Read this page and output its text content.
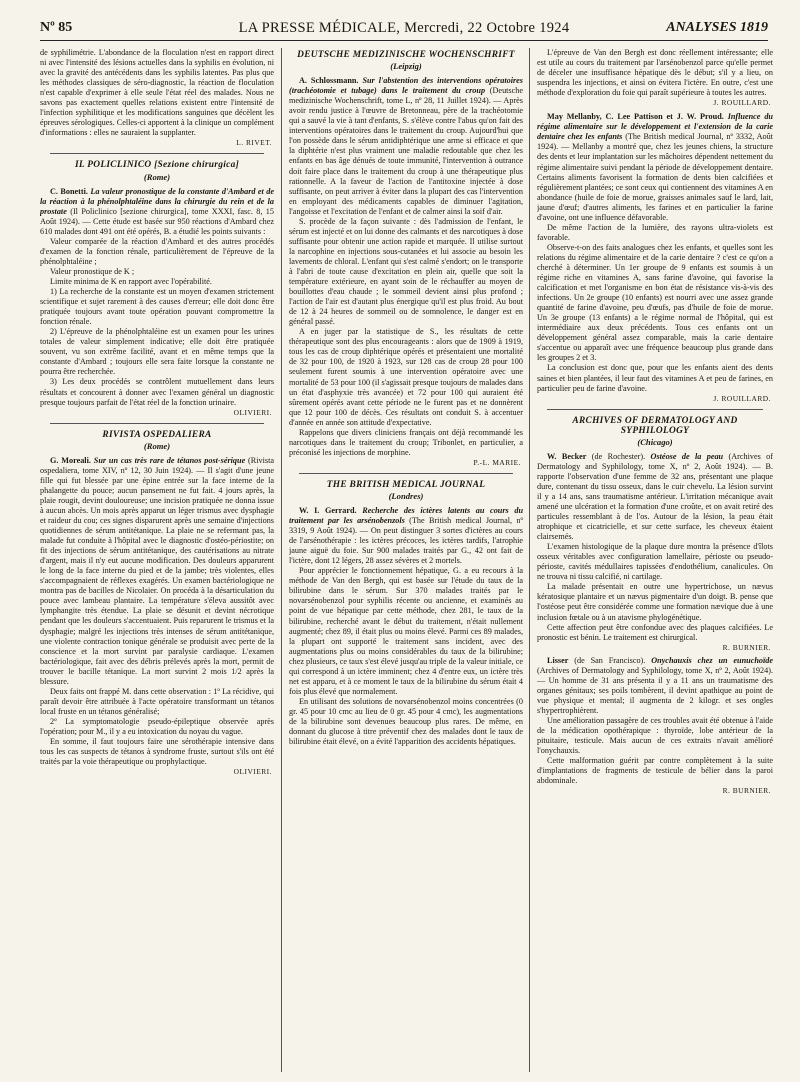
LA PRESSE MÉDICALE, Mercredi, 22 Octobre 1924
Nº 85	ANALYSES 1819

de syphilimétrie. L'abondance de la floculation n'est en rapport direct ni avec l'intensité des lésions actuelles dans la syphilis en évolution, ni avec la gravité des antécédents dans les syphilis latentes. Pas plus que les méthodes classiques de séro-diagnostic, la réaction de floculation n'est capable d'exprimer à elle seule l'état réel des malades. Nous ne savons pas exactement quelles relations existent entre l'intensité de l'infection syphilitique et les modifications sanguines que décèlent les épreuves sérologiques. Celles-ci apportent à la clinique un complément d'informations : elles ne sauraient la supplanter.

L. RIVET.

IL POLICLINICO [Sezione chirurgica]
(Rome)

C. Bonetti. La valeur pronostique de la constante d'Ambard et de la réaction à la phénolphtaléine dans la chirurgie du rein et de la prostate (Il Policlinico [sezione chirurgica], tome XXXI, fasc. 8, 15 Août 1924). — Cette étude est basée sur 950 réactions d'Ambard chez 610 malades dont 491 ont été opérés, B. a étudié les points suivants :

Valeur comparée de la réaction d'Ambard et des autres procédés d'examen de la fonction rénale, particulièrement de l'épreuve de la phénolphtaléine ;

Valeur pronostique de K ;

Limite minima de K en rapport avec l'opérabilité.

1) La recherche de la constante est un moyen d'examen strictement scientifique et sujet rarement à des causes d'erreur; elle doit donc être pratiquée toujours avant toute opération pouvant compromettre la fonction rénale.

2) L'épreuve de la phénolphtaléine est un examen pour les urines totales de valeur simplement indicative; elle doit être pratiquée souvent, vu son extrême facilité, avant et en même temps que la constante d'Ambard ; toujours elle sera faite lorsque la constante ne pourra être recherchée.

3) Les deux procédés se contrôlent mutuellement dans leurs résultats et concourent à donner avec l'examen général un diagnostic presque toujours parfait de l'état réel de la fonction urinaire.

OLIVIERI.

RIVISTA OSPEDALIERA
(Rome)

G. Moreali. Sur un cas très rare de tétanos post-sérique (Rivista ospedaliera, tome XIV, nº 12, 30 Juin 1924). — Il s'agit d'une jeune fille qui fut blessée par une épine entrée sur la face interne de la phalangette du pouce; aucun pansement ne fut fait. 4 jours après, la plaie rougit, devint douloureuse; une incision pratiquée ne donna issue à aucun abcès. Un mois après apparut un léger trismus avec dysphagie et raideur du cou; ces signes disparurent après une semaine d'injections quotidiennes de sérum antitétanique. La plaie ne se refermant pas, la malade fut conduite à l'hôpital avec le diagnostic d'ostéo-périostite; on fit des injections de sérum antitétanique, des cautérisations au nitrate d'argent, mais il n'y eut aucune modification. Des douleurs apparurent le long de la face interne du pied et de la jambe; très violentes, elles s'accompagnaient de réflexes exagérés. Un examen bactériologique ne montra pas de bacilles de Nicolaier. On procéda à la désarticulation du pouce avec lambeau plantaire. La température s'éleva aussitôt avec lymphangite très étendue. La plaie se désunit et devint nécrotique pendant que les douleurs s'accentuaient. Puis reparurent le trismus et la dysphagie; malgré les injections très intenses de sérum antitétanique, une violente contraction tonique générale se produisit avec perte de la conscience et la mort survint par paralysie cardiaque. L'examen bactériologique, fait avec des débris prélevés après la mort, permit de trouver le bacille tétanique. La mort survint 2 mois 1/2 après la blessure.

Deux faits ont frappé M. dans cette observation : 1º La récidive, qui paraît devoir être attribuée à l'acte opératoire transformant un tétanos local fruste en un tétanos généralisé;

2º La symptomatologie pseudo-épileptique observée après l'opération; pour M., il y a eu intoxication du noyau du vague.

En somme, il faut toujours faire une sérothérapie intensive dans tous les cas suspects de tétanos à syndrome fruste, surtout s'ils ont été traités par la voie thérapeutique ou prophylactique.

OLIVIERI.

DEUTSCHE MEDIZINISCHE WOCHENSCHRIFT
(Leipzig)

A. Schlossmann. Sur l'abstention des interventions opératoires (trachéotomie et tubage) dans le traitement du croup (Deutsche medizinische Wochenschrift, tome L, nº 28, 11 Juillet 1924). — Après avoir rendu justice à l'œuvre de Bretonneau, père de la trachéotomie qui a sauvé la vie à tant d'enfants, S. s'élève contre l'abus qu'on fait des interventions opératoires dans le traitement du croup. Aujourd'hui que l'on possède dans le sérum antidiphtérique une arme si efficace et que la diphtérie n'est plus vraiment une maladie redoutable que chez les enfants en bas âge dénués de toute immunité, l'intervention à outrance doit faire place dans le traitement du croup à une thérapeutique plus rationnelle. A la faveur de l'action de l'antitoxine injectée à dose suffisante, on peut arriver à éviter dans la plupart des cas l'intervention en employant des médicaments capables de diminuer l'agitation, l'angoisse et l'excitation de l'enfant et de calmer ainsi la soif d'air.

S. procède de la façon suivante : dès l'admission de l'enfant, le sérum est injecté et on lui donne des calmants et des narcotiques à dose suffisante pour obtenir une action rapide et marquée. Il utilise surtout la narcophine en injections sous-cutanées et lui associe au besoin les lavements de chloral. L'enfant qui s'est calmé s'endort; on le transporte à l'abri de toute cause d'excitation en plein air, quelle que soit la température extérieure, en ayant soin de le réchauffer au moyen de bouillottes d'eau chaude ; le sommeil devient ainsi plus profond ; l'action de l'air est d'autant plus énergique qu'il est plus froid. Au bout de 12 à 24 heures de sommeil ou de somnolence, le danger est en général passé.

A en juger par la statistique de S., les résultats de cette thérapeutique sont des plus encourageants : alors que de 1909 à 1919, tous les cas de croup diphtérique opérés et présentaient une mortalité de 32 pour 100, de 1920 à 1923, sur 128 cas de croup 28 pour 100 seulement furent soumis à une intervention opératoire avec une mortalité de 53 pour 100 (il s'agissait presque toujours de malades dans un état d'asphyxie très avancée) et 72 pour 100 qui auraient été sûrement opérés avant cette période ne le furent pas et ne donnèrent que 12 pour 100 de décès. Ces résultats ont conduit S. à accentuer d'année en année son attitude d'expectative.

Rappelons que divers cliniciens français ont déjà recommandé les narcotiques dans le traitement du croup; Tribonlet, en particulier, a préconisé les injections de morphine.

P.-L. MARIE.

THE BRITISH MEDICAL JOURNAL
(Londres)

W. I. Gerrard. Recherche des ictères latents au cours du traitement par les arsénobenzols (The British medical Journal, nº 3319, 9 Août 1924). — On peut distinguer 3 sortes d'ictères au cours de l'arsénothérapie : les ictères précoces, les ictères tardifs, l'atrophie jaune aiguë du foie. Sur 900 malades traités par G., 42 ont fait de l'ictère, dont 12 légers, 28 assez sévères et 2 mortels.

Pour apprécier le fonctionnement hépatique, G. a eu recours à la méthode de Van den Bergh, qui est basée sur l'étude du taux de la bilirubine dans le sérum. Sur 370 malades traités par le novarsénobenzol pour syphilis récente ou ancienne, et examinés au point de vue hépatique par cette méthode, chez 281, le taux de la bilirubine, recherché avant le début du traitement, n'était nullement augmenté; chez 89, il était plus ou moins élevé. Parmi ces 89 malades, la plupart ont supporté le traitement sans incident, avec des augmentations plus ou moins considérables du taux de la bilirubine; chez plusieurs, ce taux s'est élevé jusqu'au triple de la valeur initiale, ce qui correspond à un ictère imminent; chez 4 d'entre eux, un ictère très net est apparu, et à ce moment le taux de la bilirubine du sérum était 4 fois plus élevé que normalement.

En utilisant des solutions de novarsénobenzol moins concentrées (0 gr. 45 pour 10 cmc au lieu de 0 gr. 45 pour 4 cmc), les augmentations de la bilirubine sont devenues beaucoup plus rares. De même, en donnant du glucose à titre préventif chez des malades dont le taux de bilirubine était élevé, on a évité l'apparition des accidents hépatiques.

L'épreuve de Van den Bergh est donc réellement intéressante; elle est utile au cours du traitement par l'arsénobenzol parce qu'elle permet de déceler une insuffisance hépatique dès le début; s'il y a lieu, on suspendra les injections, et ainsi on évitera l'ictère. En outre, c'est une méthode d'exploration du foie qui paraît supérieure à toutes les autres.

J. ROUILLARD.

May Mellanby, C. Lee Pattison et J. W. Proud. Influence du régime alimentaire sur le développement et l'extension de la carie dentaire chez les enfants (The British medical Journal, nº 3332, Août 1924). — Mellanby a montré que, chez les jeunes chiens, la structure des dents et leur implantation sur les mâchoires dépendent nettement du régime alimentaire suivi pendant la période de développement dentaire. Certains aliments favorisent la formation de dents bien calcifiées et régulièrement plantées; ce sont ceux qui contiennent des vitamines A en abondance (huile de foie de morue, graisses animales sauf le lard, lait, jaune d'œuf; d'autres aliments, les farines et en particulier la farine d'avoine, ont une influence défavorable.

De même l'action de la lumière, des rayons ultra-violets est favorable.

Observe-t-on des faits analogues chez les enfants, et quelles sont les relations du régime alimentaire et de la carie dentaire ? c'est ce qu'on a cherché à déterminer. Un 1er groupe de 9 enfants est soumis à un régime riche en vitamines A, sans farine d'avoine, qui favorise la calcification et met l'organisme en bon état de résistance vis-à-vis des infections. Un 2e groupe (10 enfants) est nourri avec une assez grande quantité de farine d'avoine, peu d'œufs, pas d'huile de foie de morue. Un 3e groupe (13 enfants) a le régime normal de l'hôpital, qui est intermédiaire aux deux précédents. Tous ces enfants ont un développement général assez comparable, mais la carie dentaire s'accentue ou apparaît avec une fréquence beaucoup plus grande dans les groupes 2 et 3.

La conclusion est donc que, pour que les enfants aient des dents saines et bien plantées, il leur faut des vitamines A et peu de farines, en particulier peu de farine d'avoine.

J. ROUILLARD.

ARCHIVES OF DERMATOLOGY AND SYPHILOLOGY
(Chicago)

W. Becker (de Rochester). Ostéose de la peau (Archives of Dermatology and Syphilology, tome X, nº 2, Août 1924). — B. rapporte l'observation d'une femme de 32 ans, présentant une plaque dure, contenant du tissu osseux, dans le cuir chevelu. La lésion survint il y a 14 ans, sans traumatisme antérieur. L'irritation mécanique avait amené une ulcération et la formation d'une croûte, et on avait retiré des particules ressemblant à de l'os. Autour de la lésion, la peau était atrophique et cicatricielle, et sur cette surface, les cheveux étaient clairsemés.

L'examen histologique de la plaque dure montra la présence d'îlots osseux véritables avec configuration lamellaire, périoste ou pseudo-périoste, cavités médullaires tapissées d'endothélium, canalicules. On ne trouva ni tissu calcifié, ni cartilage.

La malade présentait en outre une hypertrichose, un nævus kératosique plantaire et un nævus pigmentaire d'un doigt. B. pense que l'ostéose peut être considérée comme une formation nævique due à une inclusion fœtale ou à un atavisme phylogénétique.

Cette affection peut être confondue avec des plaques calcifiées. Le pronostic est bénin. Le traitement est chirurgical.

R. BURNIER.

Lisser (de San Francisco). Onychauxis chez un eunuchoïde (Archives of Dermatology and Syphilology, tome X, nº 2, Août 1924). — Un homme de 31 ans présenta il y a 11 ans un traumatisme des organes génitaux; ses poils tombèrent, il devint apathique au point de vue physique et mental; il augmenta de 2 kilogr. et ses ongles s'hypertrophièrent.

Une amélioration passagère de ces troubles avait été obtenue à l'aide de la médication opothérapique : thyroïde, lobe antérieur de la pituitaire, testicule. Mais aucun de ces extraits n'avait amélioré l'onychauxis.

Cette malformation guérit par contre complètement à la suite d'implantations de fragments de testicule de bélier dans la paroi abdominale.

R. BURNIER.
